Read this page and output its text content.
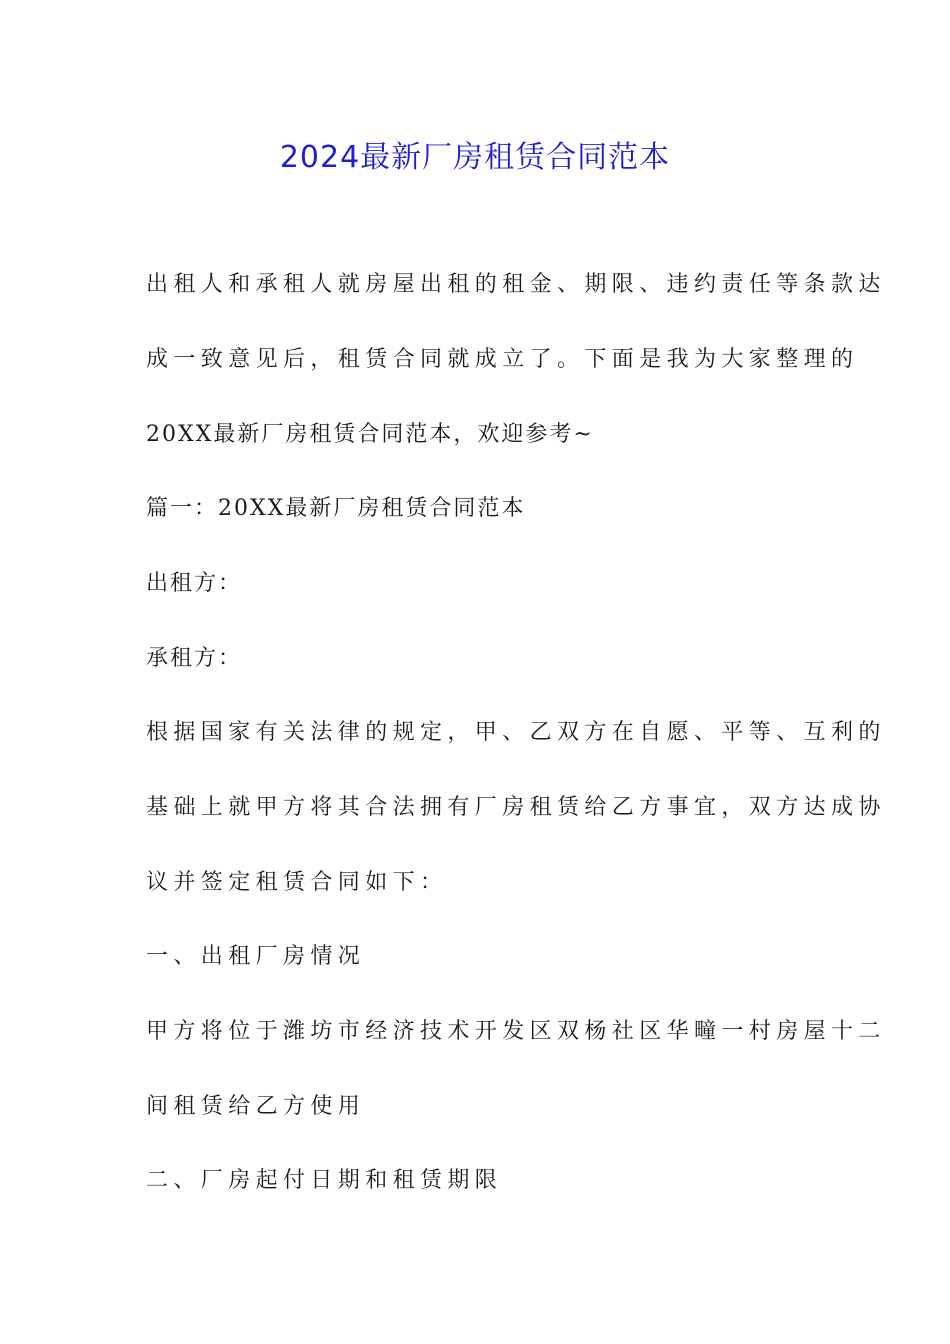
2024最新厂房租赁合同范本
出租人和承租人就房屋出租的租金、期限、违约责任等条款达
成一致意见后，租赁合同就成立了。下面是我为大家整理的
20XX最新厂房租赁合同范本，欢迎参考~
篇一：20XX最新厂房租赁合同范本
出租方：
承租方：
根据国家有关法律的规定，甲、乙双方在自愿、平等、互利的
基础上就甲方将其合法拥有厂房租赁给乙方事宜，双方达成协
议并签定租赁合同如下：
一、出租厂房情况
甲方将位于潍坊市经济技术开发区双杨社区华疃一村房屋十二
间租赁给乙方使用
二、厂房起付日期和租赁期限
